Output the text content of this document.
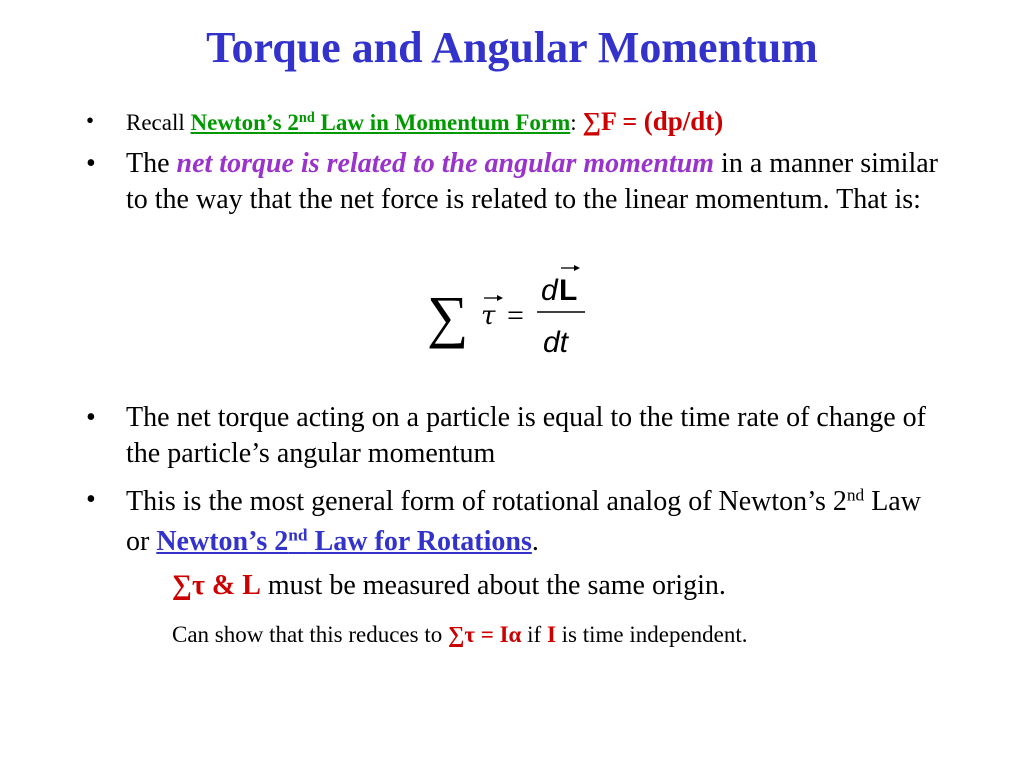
Torque and Angular Momentum
•	Recall Newton’s 2nd Law in Momentum Form: ∑F = (dp/dt)
•	The net torque is related to the angular momentum in a manner similar to the way that the net force is related to the linear momentum. That is:
∑ τ =
d L
dt
•	The net torque acting on a particle is equal to the time rate of change of the particle’s angular momentum
•	This is the most general form of rotational analog of Newton’s 2nd Law or Newton’s 2nd Law for Rotations.
∑τ & L must be measured about the same origin.
Can show that this reduces to ∑τ = Iα if I is time independent.
